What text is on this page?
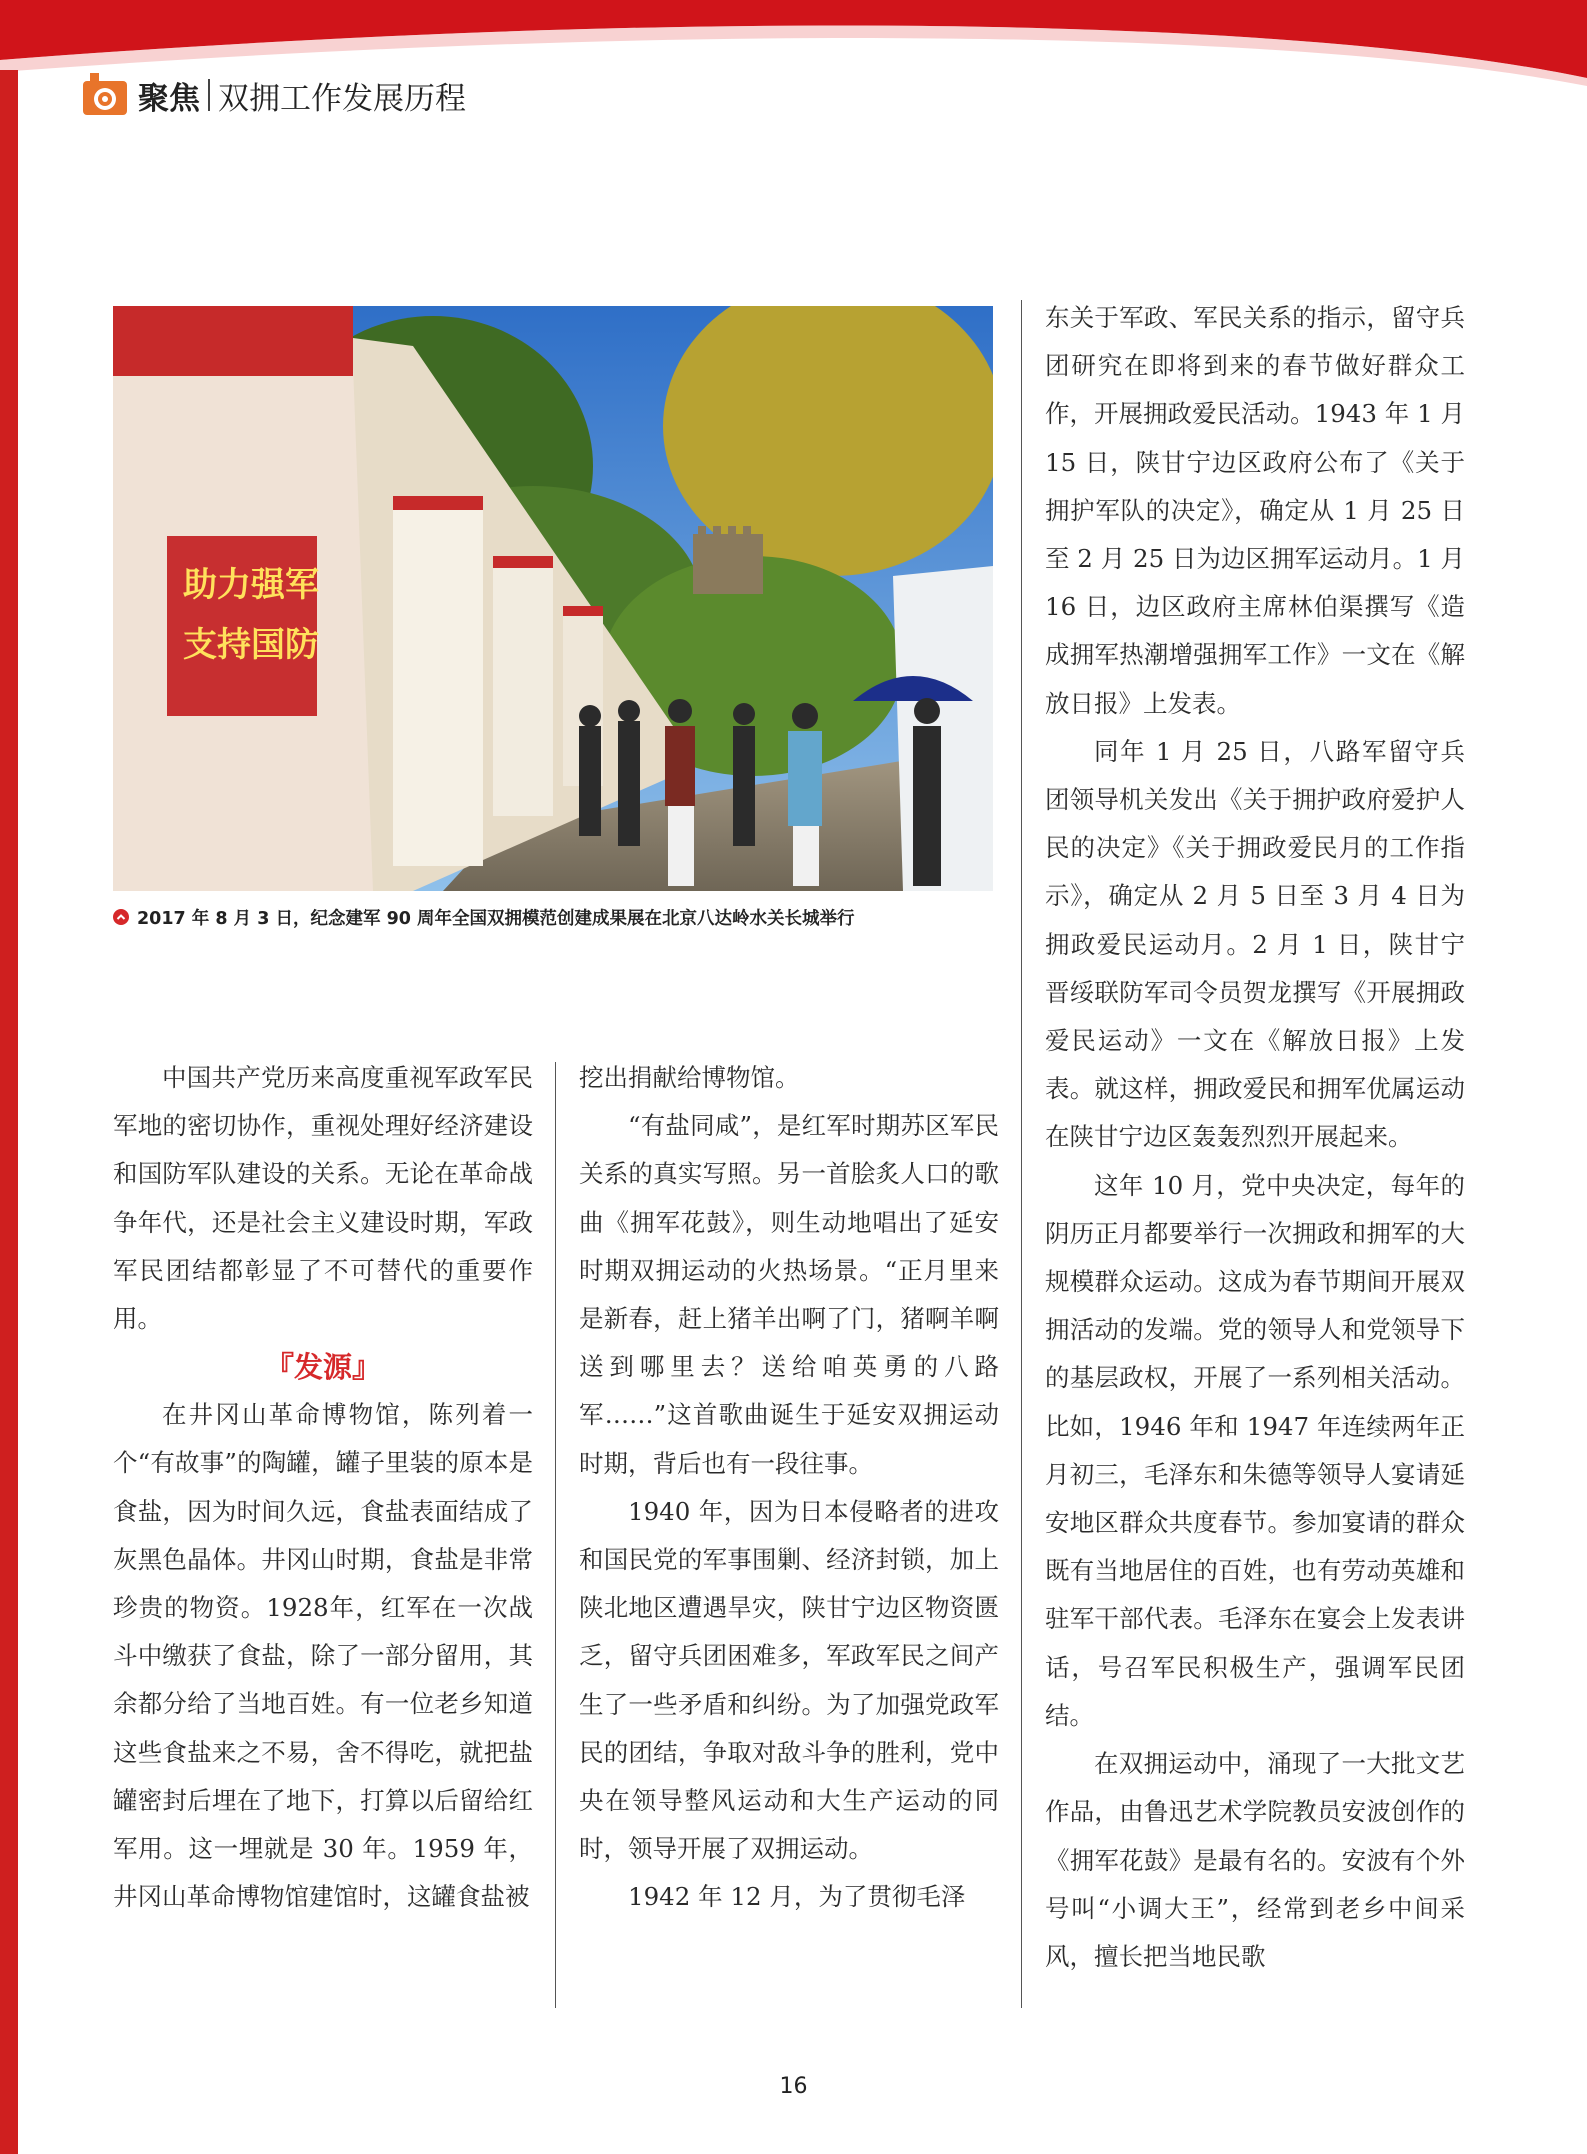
聚焦 双拥工作发展历程
助力强军
支持国防
2017 年 8 月 3 日，纪念建军 90 周年全国双拥模范创建成果展在北京八达岭水关长城举行

中国共产党历来高度重视军政军民军地的密切协作，重视处理好经济建设和国防军队建设的关系。无论在革命战争年代，还是社会主义建设时期，军政军民团结都彰显了不可替代的重要作用。

『发源』

在井冈山革命博物馆，陈列着一个“有故事”的陶罐，罐子里装的原本是食盐，因为时间久远，食盐表面结成了灰黑色晶体。井冈山时期，食盐是非常珍贵的物资。1928年，红军在一次战斗中缴获了食盐，除了一部分留用，其余都分给了当地百姓。有一位老乡知道这些食盐来之不易，舍不得吃，就把盐罐密封后埋在了地下，打算以后留给红军用。这一埋就是 30 年。1959 年，井冈山革命博物馆建馆时，这罐食盐被

挖出捐献给博物馆。

“有盐同咸”，是红军时期苏区军民关系的真实写照。另一首脍炙人口的歌曲《拥军花鼓》，则生动地唱出了延安时期双拥运动的火热场景。“正月里来是新春，赶上猪羊出啊了门，猪啊羊啊送到哪里去？送给咱英勇的八路军……”这首歌曲诞生于延安双拥运动时期，背后也有一段往事。

1940 年，因为日本侵略者的进攻和国民党的军事围剿、经济封锁，加上陕北地区遭遇旱灾，陕甘宁边区物资匮乏，留守兵团困难多，军政军民之间产生了一些矛盾和纠纷。为了加强党政军民的团结，争取对敌斗争的胜利，党中央在领导整风运动和大生产运动的同时，领导开展了双拥运动。

1942 年 12 月，为了贯彻毛泽

东关于军政、军民关系的指示，留守兵团研究在即将到来的春节做好群众工作，开展拥政爱民活动。1943 年 1 月 15 日，陕甘宁边区政府公布了《关于拥护军队的决定》，确定从 1 月 25 日至 2 月 25 日为边区拥军运动月。1 月 16 日，边区政府主席林伯渠撰写《造成拥军热潮增强拥军工作》一文在《解放日报》上发表。

同年 1 月 25 日，八路军留守兵团领导机关发出《关于拥护政府爱护人民的决定》《关于拥政爱民月的工作指示》，确定从 2 月 5 日至 3 月 4 日为拥政爱民运动月。2 月 1 日，陕甘宁晋绥联防军司令员贺龙撰写《开展拥政爱民运动》一文在《解放日报》上发表。就这样，拥政爱民和拥军优属运动在陕甘宁边区轰轰烈烈开展起来。

这年 10 月，党中央决定，每年的阴历正月都要举行一次拥政和拥军的大规模群众运动。这成为春节期间开展双拥活动的发端。党的领导人和党领导下的基层政权，开展了一系列相关活动。比如，1946 年和 1947 年连续两年正月初三，毛泽东和朱德等领导人宴请延安地区群众共度春节。参加宴请的群众既有当地居住的百姓，也有劳动英雄和驻军干部代表。毛泽东在宴会上发表讲话，号召军民积极生产，强调军民团结。

在双拥运动中，涌现了一大批文艺作品，由鲁迅艺术学院教员安波创作的《拥军花鼓》是最有名的。安波有个外号叫“小调大王”，经常到老乡中间采风，擅长把当地民歌

16
